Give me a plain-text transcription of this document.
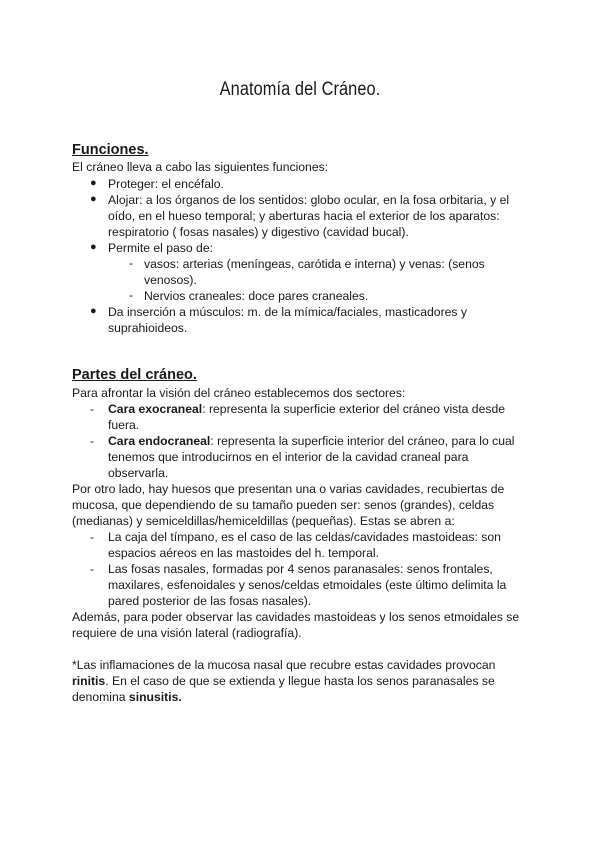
Anatomía del Cráneo.
Funciones.
El cráneo lleva a cabo las siguientes funciones:
● Proteger: el encéfalo.
● Alojar: a los órganos de los sentidos: globo ocular, en la fosa orbitaria, y el
oído, en el hueso temporal; y aberturas hacia el exterior de los aparatos:
respiratorio ( fosas nasales) y digestivo (cavidad bucal).
● Permite el paso de:
- vasos: arterias (meníngeas, carótida e interna) y venas: (senos
venosos).
- Nervios craneales: doce pares craneales.
● Da inserción a músculos: m. de la mímica/faciales, masticadores y
suprahioideos.
Partes del cráneo.
Para afrontar la visión del cráneo establecemos dos sectores:
- Cara exocraneal: representa la superficie exterior del cráneo vista desde
fuera.
- Cara endocraneal: representa la superficie interior del cráneo, para lo cual
tenemos que introducirnos en el interior de la cavidad craneal para
observarla.
Por otro lado, hay huesos que presentan una o varias cavidades, recubiertas de
mucosa, que dependiendo de su tamaño pueden ser: senos (grandes), celdas
(medianas) y semiceldillas/hemiceldillas (pequeñas). Estas se abren a:
- La caja del tímpano, es el caso de las celdas/cavidades mastoideas: son
espacios aéreos en las mastoides del h. temporal.
- Las fosas nasales, formadas por 4 senos paranasales: senos frontales,
maxilares, esfenoidales y senos/celdas etmoidales (este último delimita la
pared posterior de las fosas nasales).
Además, para poder observar las cavidades mastoideas y los senos etmoidales se
requiere de una visión lateral (radiografía).
*Las inflamaciones de la mucosa nasal que recubre estas cavidades provocan
rinitis. En el caso de que se extienda y llegue hasta los senos paranasales se
denomina sinusitis.
